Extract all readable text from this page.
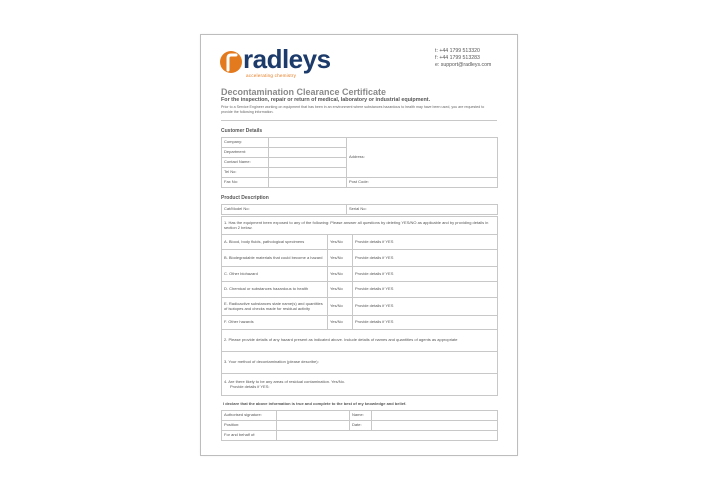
radleys
accelerating chemistry
t: +44 1799 513320
f: +44 1799 513283
e: support@radleys.com
Decontamination Clearance Certificate
For the inspection, repair or return of medical, laboratory or industrial equipment.
Prior to a Service Engineer working on equipment that has been in an environment where substances hazardous to health may have been used, you are requested to provide the following information.
Customer Details
Company:		Address:
Department:		
Contact Name:		
Tel No:		
Fax No:		Post Code:
Product Description
Cat/Model No:	Serial No:
1. Has the equipment been exposed to any of the following: Please answer all questions by deleting YES/NO as applicable and by providing details in section 2 below.		
A. Blood, body fluids, pathological specimens	Yes/No	Provide details if YES
B. Biodegradable materials that could become a hazard	Yes/No	Provide details if YES
C. Other biohazard	Yes/No	Provide details if YES
D. Chemical or substances hazardous to health	Yes/No	Provide details if YES
E. Radioactive substances state name(s) and quantities of isotopes and checks made for residual activity	Yes/No	Provide details if YES
F. Other hazards	Yes/No	Provide details if YES
2. Please provide details of any hazard present as indicated above. Include details of names and quantities of agents as appropriate		
3. Your method of decontamination (please describe):		

4. Are there likely to be any areas of residual contamination. Yes/No.
Provide details if YES:		
I declare that the above information is true and complete to the best of my knowledge and belief.
Authorised signature:		Name:	
Position:		Date:	
For and behalf of:			
